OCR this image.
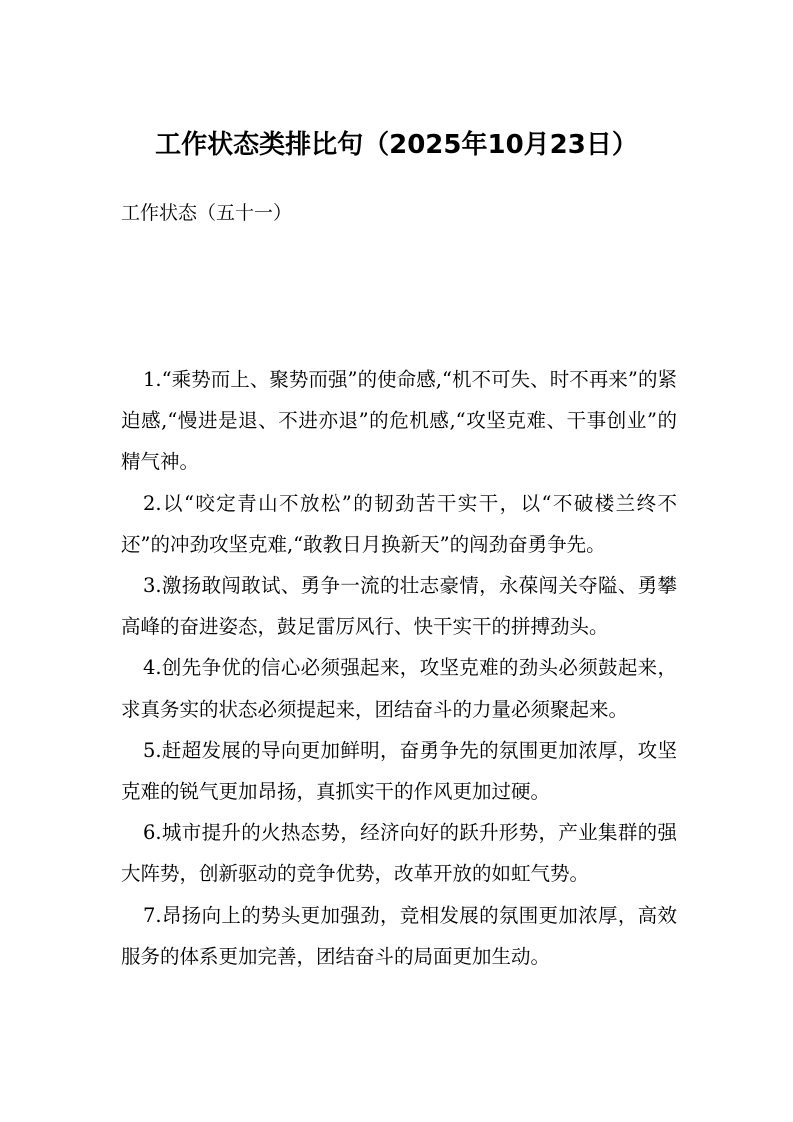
工作状态类排比句（2025年10月23日）
工作状态（五十一）

1.“乘势而上、聚势而强”的使命感,“机不可失、时不再来”的紧迫感,“慢进是退、不进亦退”的危机感,“攻坚克难、干事创业”的精气神。

2.以“咬定青山不放松”的韧劲苦干实干，以“不破楼兰终不还”的冲劲攻坚克难,“敢教日月换新天”的闯劲奋勇争先。

3.激扬敢闯敢试、勇争一流的壮志豪情，永葆闯关夺隘、勇攀高峰的奋进姿态，鼓足雷厉风行、快干实干的拼搏劲头。

4.创先争优的信心必须强起来，攻坚克难的劲头必须鼓起来，求真务实的状态必须提起来，团结奋斗的力量必须聚起来。

5.赶超发展的导向更加鲜明，奋勇争先的氛围更加浓厚，攻坚克难的锐气更加昂扬，真抓实干的作风更加过硬。

6.城市提升的火热态势，经济向好的跃升形势，产业集群的强大阵势，创新驱动的竞争优势，改革开放的如虹气势。

7.昂扬向上的势头更加强劲，竞相发展的氛围更加浓厚，高效服务的体系更加完善，团结奋斗的局面更加生动。
